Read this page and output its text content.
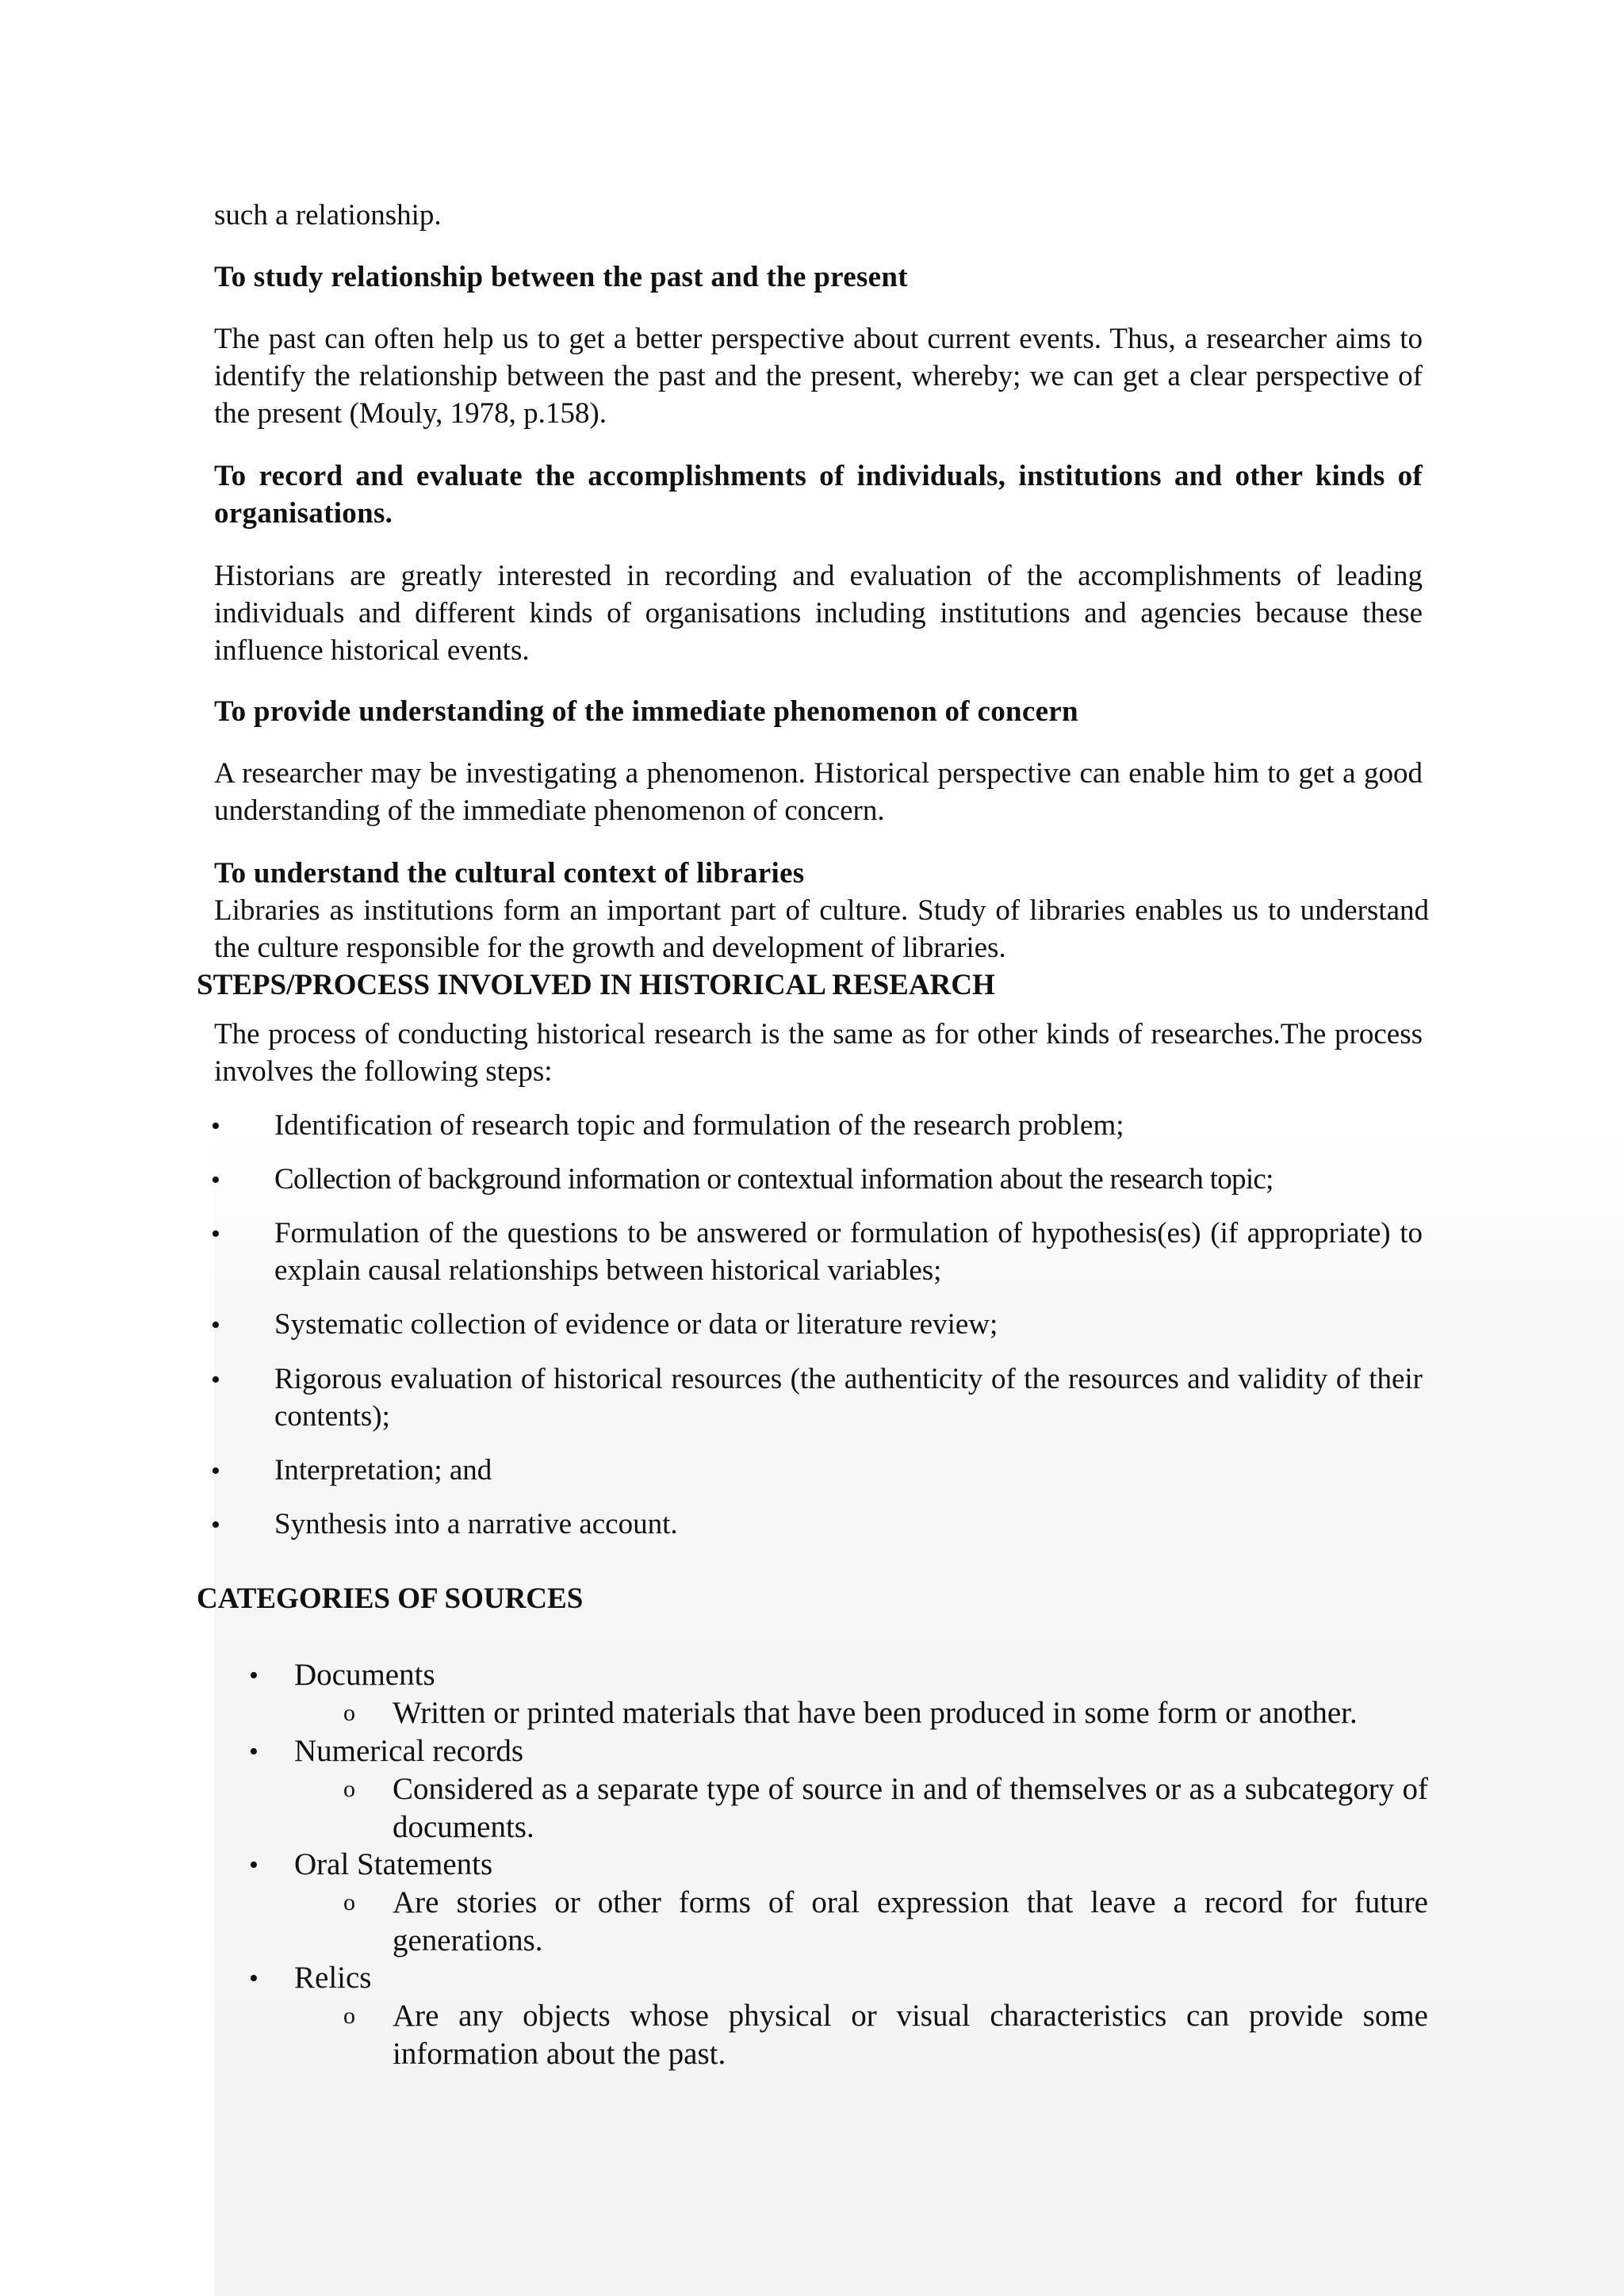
such a relationship.
To study relationship between the past and the present
The past can often help us to get a better perspective about current events. Thus, a researcher aims to identify the relationship between the past and the present, whereby; we can get a clear perspective of the present (Mouly, 1978, p.158).
To record and evaluate the accomplishments of individuals, institutions and other kinds of organisations.
Historians are greatly interested in recording and evaluation of the accomplishments of leading individuals and different kinds of organisations including institutions and agencies because these influence historical events.
To provide understanding of the immediate phenomenon of concern
A researcher may be investigating a phenomenon. Historical perspective can enable him to get a good understanding of the immediate phenomenon of concern.
To understand the cultural context of libraries
Libraries as institutions form an important part of culture. Study of libraries enables us to understand the culture responsible for the growth and development of libraries.
STEPS/PROCESS INVOLVED IN HISTORICAL RESEARCH
The process of conducting historical research is the same as for other kinds of researches.The process involves the following steps:
• Identification of research topic and formulation of the research problem;
• Collection of background information or contextual information about the research topic;
• Formulation of the questions to be answered or formulation of hypothesis(es) (if appropriate) to explain causal relationships between historical variables;
• Systematic collection of evidence or data or literature review;
• Rigorous evaluation of historical resources (the authenticity of the resources and validity of their contents);
• Interpretation; and
• Synthesis into a narrative account.
CATEGORIES OF SOURCES
• Documents
o Written or printed materials that have been produced in some form or another.
• Numerical records
o Considered as a separate type of source in and of themselves or as a subcategory of documents.
• Oral Statements
o Are stories or other forms of oral expression that leave a record for future generations.
• Relics
o Are any objects whose physical or visual characteristics can provide some information about the past.
